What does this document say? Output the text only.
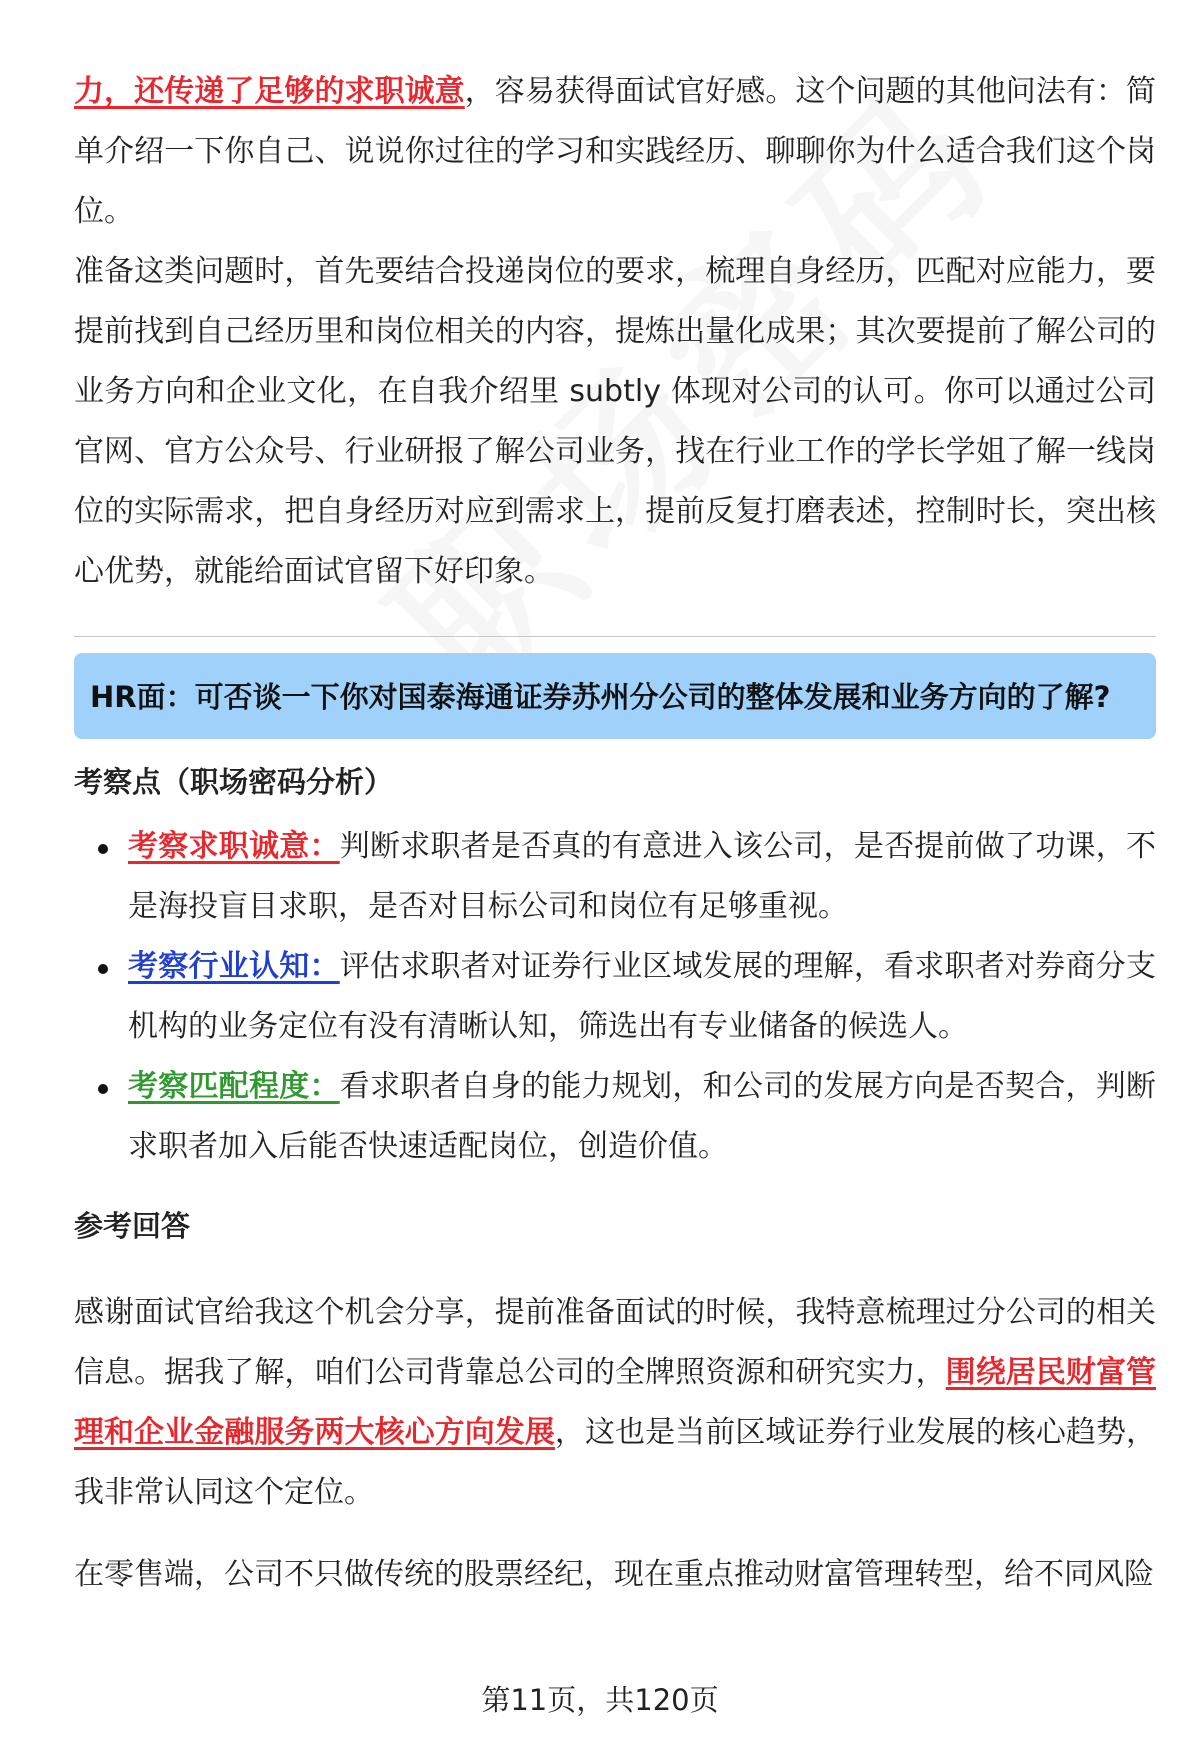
力，还传递了足够的求职诚意，容易获得面试官好感。这个问题的其他问法有：简单介绍一下你自己、说说你过往的学习和实践经历、聊聊你为什么适合我们这个岗位。

准备这类问题时，首先要结合投递岗位的要求，梳理自身经历，匹配对应能力，要提前找到自己经历里和岗位相关的内容，提炼出量化成果；其次要提前了解公司的业务方向和企业文化，在自我介绍里 subtly 体现对公司的认可。你可以通过公司官网、官方公众号、行业研报了解公司业务，找在行业工作的学长学姐了解一线岗位的实际需求，把自身经历对应到需求上，提前反复打磨表述，控制时长，突出核心优势，就能给面试官留下好印象。

HR面：可否谈一下你对国泰海通证券苏州分公司的整体发展和业务方向的了解?
考察点（职场密码分析）
考察求职诚意：判断求职者是否真的有意进入该公司，是否提前做了功课，不是海投盲目求职，是否对目标公司和岗位有足够重视。
考察行业认知：评估求职者对证券行业区域发展的理解，看求职者对券商分支机构的业务定位有没有清晰认知，筛选出有专业储备的候选人。
考察匹配程度：看求职者自身的能力规划，和公司的发展方向是否契合，判断求职者加入后能否快速适配岗位，创造价值。
参考回答

感谢面试官给我这个机会分享，提前准备面试的时候，我特意梳理过分公司的相关信息。据我了解，咱们公司背靠总公司的全牌照资源和研究实力，围绕居民财富管理和企业金融服务两大核心方向发展，这也是当前区域证券行业发展的核心趋势，我非常认同这个定位。

在零售端，公司不只做传统的股票经纪，现在重点推动财富管理转型，给不同风险

第11页，共120页
